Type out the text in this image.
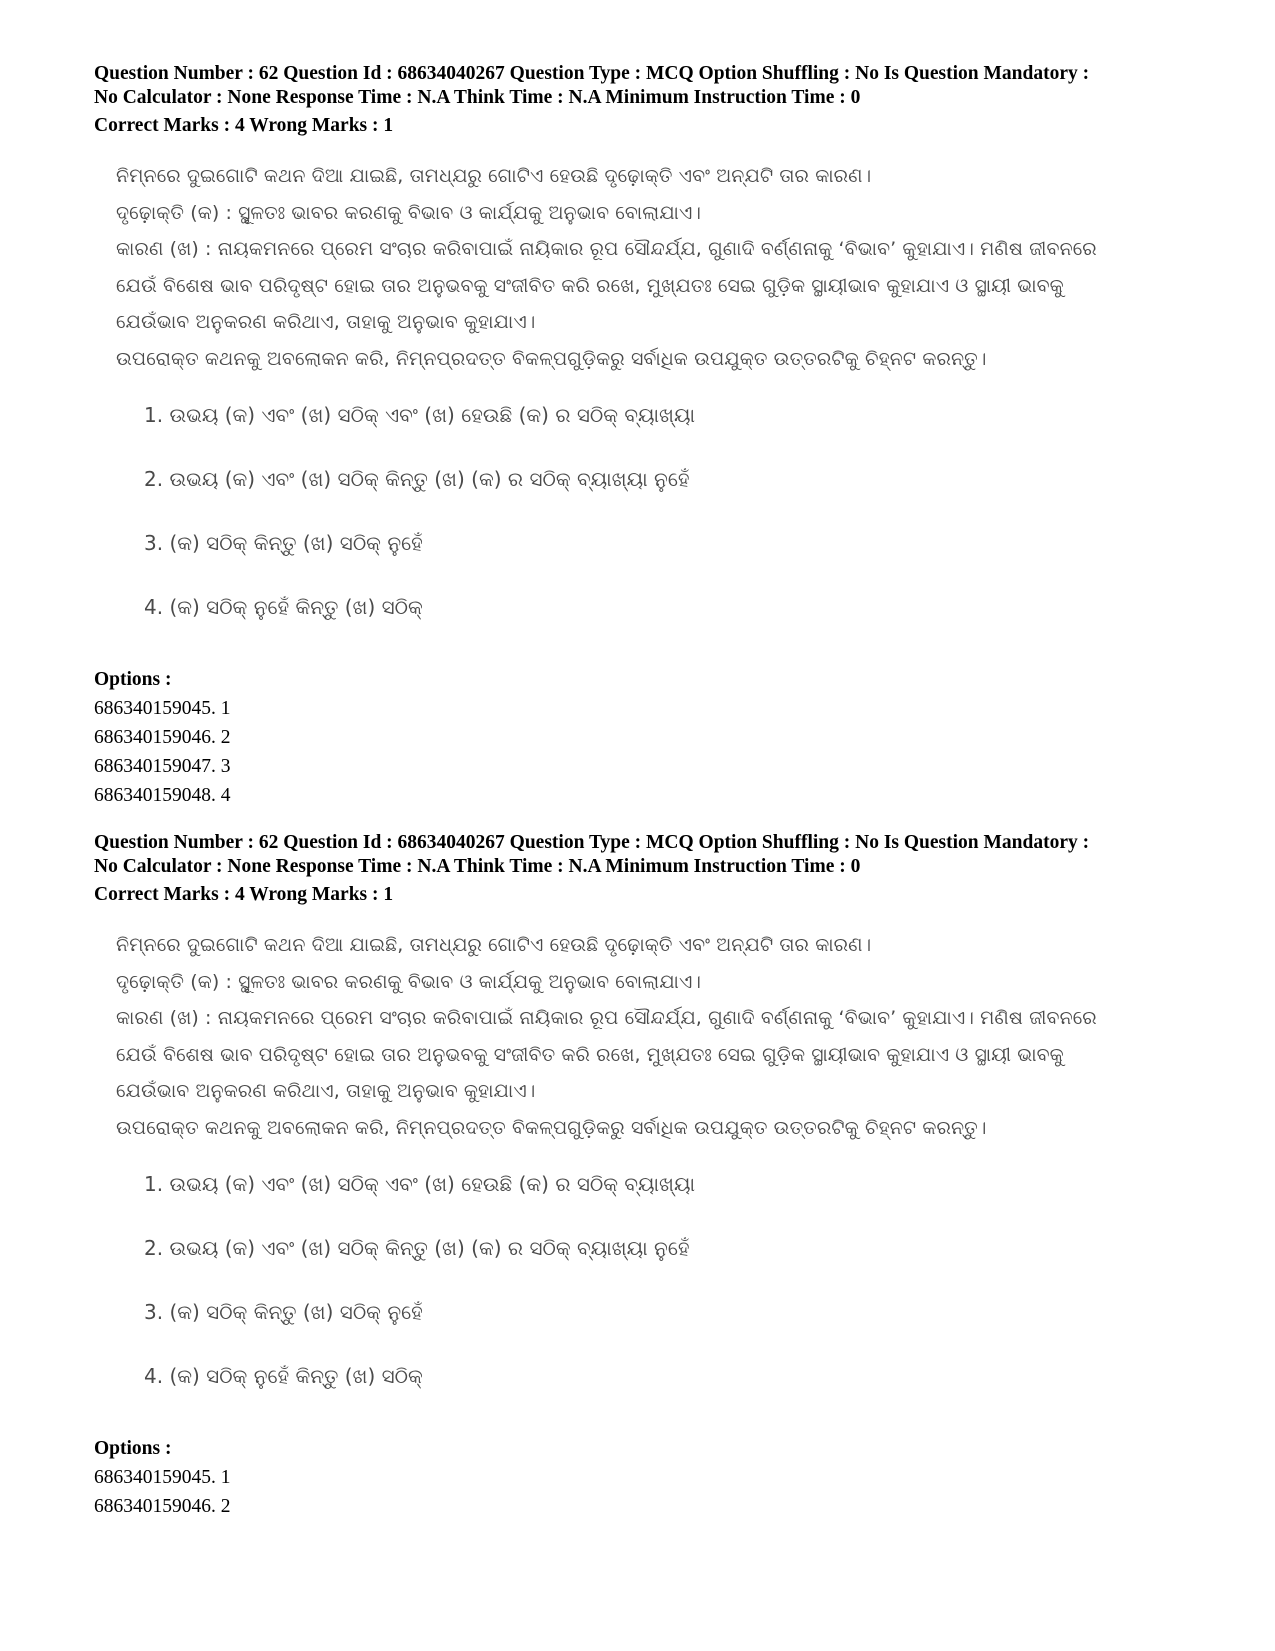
Question Number : 62 Question Id : 68634040267 Question Type : MCQ Option Shuffling : No Is Question Mandatory :
No Calculator : None Response Time : N.A Think Time : N.A Minimum Instruction Time : 0
Correct Marks : 4 Wrong Marks : 1
ନିମ୍ନରେ ଦୁଇଗୋଟି କଥନ ଦିଆ ଯାଇଛି, ତାମଧ୍ଯରୁ ଗୋଟିଏ ହେଉଛି ଦୃଢ଼ୋକ୍ତି ଏବଂ ଅନ୍ଯଟି ତାର କାରଣ।
ଦୃଢ଼ୋକ୍ତି (କ) : ସ୍ଥୂଳତଃ ଭାବର କରଣକୁ ବିଭାବ ଓ କାର୍ଯ୍ଯକୁ ଅନୁଭାବ ବୋଲାଯାଏ।
କାରଣ (ଖ) : ନାୟକମନରେ ପ୍ରେମ ସଂଚାର କରିବାପାଇଁ ନାୟିକାର ରୂପ ସୌନ୍ଦର୍ଯ୍ଯ, ଗୁଣାଦି ବର୍ଣ୍ଣନାକୁ ‘ବିଭାବ’ କୁହାଯାଏ। ମଣିଷ ଜୀବନରେ
ଯେଉଁ ବିଶେଷ ଭାବ ପରିଦୃଷ୍ଟ ହୋଇ ତାର ଅନୁଭବକୁ ସଂଜୀବିତ କରି ରଖେ, ମୁଖ୍ଯତଃ ସେଇ ଗୁଡ଼ିକ ସ୍ଥାୟୀଭାବ କୁହାଯାଏ ଓ ସ୍ଥାୟୀ ଭାବକୁ
ଯେଉଁଭାବ ଅନୁକରଣ କରିଥାଏ, ତାହାକୁ ଅନୁଭାବ କୁହାଯାଏ।
ଉପରୋକ୍ତ କଥନକୁ ଅବଲୋକନ କରି, ନିମ୍ନପ୍ରଦତ୍ତ ବିକଳ୍ପଗୁଡ଼ିକରୁ ସର୍ବାଧିକ ଉପଯୁକ୍ତ ଉତ୍ତରଟିକୁ ଚିହ୍ନଟ କରନ୍ତୁ।
1. ଉଭୟ (କ) ଏବଂ (ଖ) ସଠିକ୍ ଏବଂ (ଖ) ହେଉଛି (କ) ର ସଠିକ୍ ବ୍ୟାଖ୍ୟା
2. ଉଭୟ (କ) ଏବଂ (ଖ) ସଠିକ୍ କିନ୍ତୁ (ଖ) (କ) ର ସଠିକ୍ ବ୍ୟାଖ୍ୟା ନୁହେଁ
3. (କ) ସଠିକ୍ କିନ୍ତୁ (ଖ) ସଠିକ୍ ନୁହେଁ
4. (କ) ସଠିକ୍ ନୁହେଁ କିନ୍ତୁ (ଖ) ସଠିକ୍
Options :
686340159045. 1
686340159046. 2
686340159047. 3
686340159048. 4
Question Number : 62 Question Id : 68634040267 Question Type : MCQ Option Shuffling : No Is Question Mandatory :
No Calculator : None Response Time : N.A Think Time : N.A Minimum Instruction Time : 0
Correct Marks : 4 Wrong Marks : 1
ନିମ୍ନରେ ଦୁଇଗୋଟି କଥନ ଦିଆ ଯାଇଛି, ତାମଧ୍ଯରୁ ଗୋଟିଏ ହେଉଛି ଦୃଢ଼ୋକ୍ତି ଏବଂ ଅନ୍ଯଟି ତାର କାରଣ।
ଦୃଢ଼ୋକ୍ତି (କ) : ସ୍ଥୂଳତଃ ଭାବର କରଣକୁ ବିଭାବ ଓ କାର୍ଯ୍ଯକୁ ଅନୁଭାବ ବୋଲାଯାଏ।
କାରଣ (ଖ) : ନାୟକମନରେ ପ୍ରେମ ସଂଚାର କରିବାପାଇଁ ନାୟିକାର ରୂପ ସୌନ୍ଦର୍ଯ୍ଯ, ଗୁଣାଦି ବର୍ଣ୍ଣନାକୁ ‘ବିଭାବ’ କୁହାଯାଏ। ମଣିଷ ଜୀବନରେ
ଯେଉଁ ବିଶେଷ ଭାବ ପରିଦୃଷ୍ଟ ହୋଇ ତାର ଅନୁଭବକୁ ସଂଜୀବିତ କରି ରଖେ, ମୁଖ୍ଯତଃ ସେଇ ଗୁଡ଼ିକ ସ୍ଥାୟୀଭାବ କୁହାଯାଏ ଓ ସ୍ଥାୟୀ ଭାବକୁ
ଯେଉଁଭାବ ଅନୁକରଣ କରିଥାଏ, ତାହାକୁ ଅନୁଭାବ କୁହାଯାଏ।
ଉପରୋକ୍ତ କଥନକୁ ଅବଲୋକନ କରି, ନିମ୍ନପ୍ରଦତ୍ତ ବିକଳ୍ପଗୁଡ଼ିକରୁ ସର୍ବାଧିକ ଉପଯୁକ୍ତ ଉତ୍ତରଟିକୁ ଚିହ୍ନଟ କରନ୍ତୁ।
1. ଉଭୟ (କ) ଏବଂ (ଖ) ସଠିକ୍ ଏବଂ (ଖ) ହେଉଛି (କ) ର ସଠିକ୍ ବ୍ୟାଖ୍ୟା
2. ଉଭୟ (କ) ଏବଂ (ଖ) ସଠିକ୍ କିନ୍ତୁ (ଖ) (କ) ର ସଠିକ୍ ବ୍ୟାଖ୍ୟା ନୁହେଁ
3. (କ) ସଠିକ୍ କିନ୍ତୁ (ଖ) ସଠିକ୍ ନୁହେଁ
4. (କ) ସଠିକ୍ ନୁହେଁ କିନ୍ତୁ (ଖ) ସଠିକ୍
Options :
686340159045. 1
686340159046. 2
